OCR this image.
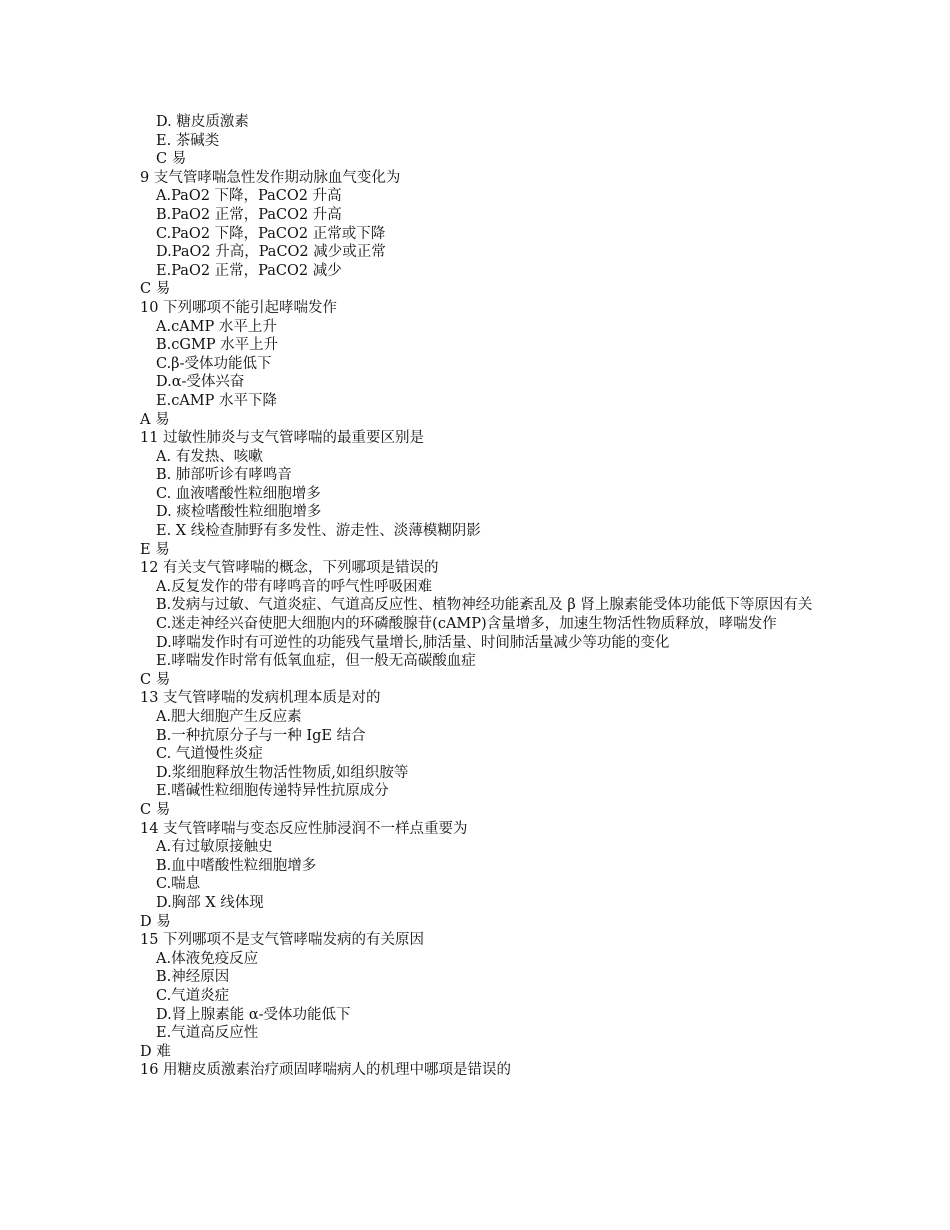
D. 糖皮质激素
E. 茶碱类
C 易
9 支气管哮喘急性发作期动脉血气变化为
A.PaO2 下降，PaCO2 升高
B.PaO2 正常，PaCO2 升高
C.PaO2 下降，PaCO2 正常或下降
D.PaO2 升高，PaCO2 减少或正常
E.PaO2 正常，PaCO2 减少
C 易
10 下列哪项不能引起哮喘发作
A.cAMP 水平上升
B.cGMP 水平上升
C.β-受体功能低下
D.α-受体兴奋
E.cAMP 水平下降
A 易
11 过敏性肺炎与支气管哮喘的最重要区别是
A. 有发热、咳嗽
B. 肺部听诊有哮鸣音
C. 血液嗜酸性粒细胞增多
D. 痰检嗜酸性粒细胞增多
E. X 线检查肺野有多发性、游走性、淡薄模糊阴影
E 易
12 有关支气管哮喘的概念，下列哪项是错误的
A.反复发作的带有哮鸣音的呼气性呼吸困难
B.发病与过敏、气道炎症、气道高反应性、植物神经功能紊乱及 β 肾上腺素能受体功能低下等原因有关
C.迷走神经兴奋使肥大细胞内的环磷酸腺苷(cAMP)含量增多，加速生物活性物质释放，哮喘发作
D.哮喘发作时有可逆性的功能残气量增长,肺活量、时间肺活量减少等功能的变化
E.哮喘发作时常有低氧血症，但一般无高碳酸血症
C 易
13 支气管哮喘的发病机理本质是对的
A.肥大细胞产生反应素
B.一种抗原分子与一种 IgE 结合
C. 气道慢性炎症
D.浆细胞释放生物活性物质,如组织胺等
E.嗜碱性粒细胞传递特异性抗原成分
C 易
14 支气管哮喘与变态反应性肺浸润不一样点重要为
A.有过敏原接触史
B.血中嗜酸性粒细胞增多
C.喘息
D.胸部 X 线体现
D 易
15 下列哪项不是支气管哮喘发病的有关原因
A.体液免疫反应
B.神经原因
C.气道炎症
D.肾上腺素能 α-受体功能低下
E.气道高反应性
D 难
16 用糖皮质激素治疗顽固哮喘病人的机理中哪项是错误的
